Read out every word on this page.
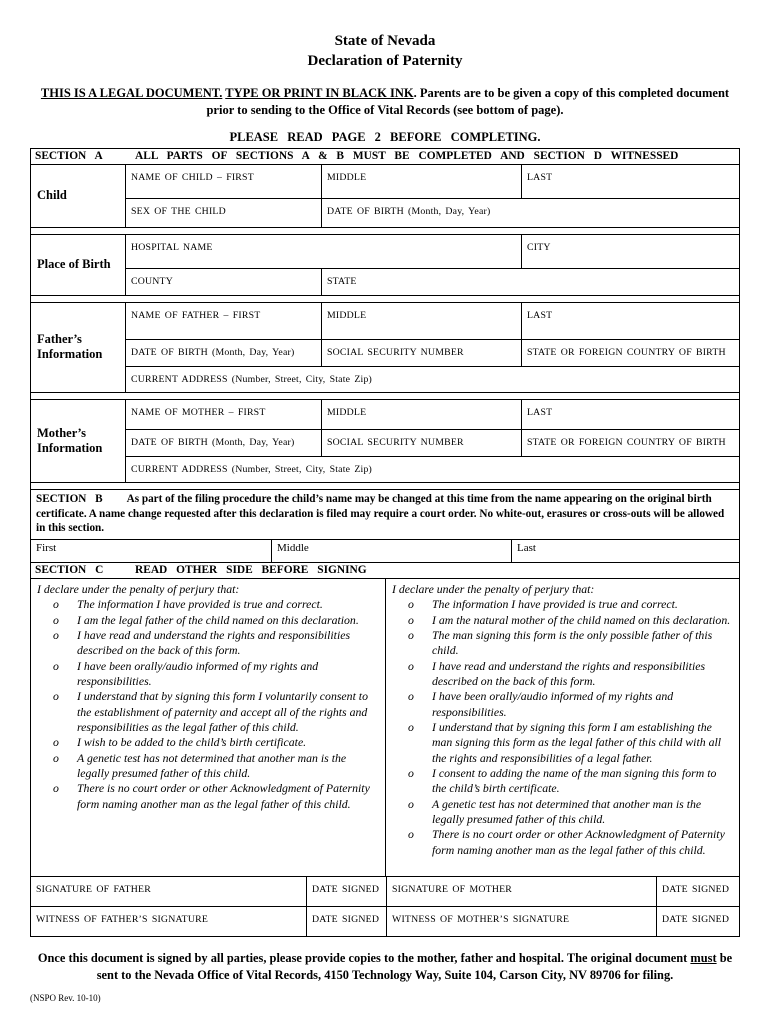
State of Nevada
Declaration of Paternity

THIS IS A LEGAL DOCUMENT. TYPE OR PRINT IN BLACK INK. Parents are to be given a copy of this completed document prior to sending to the Office of Vital Records (see bottom of page).

PLEASE READ PAGE 2 BEFORE COMPLETING.

SECTION A	ALL PARTS OF SECTIONS A & B MUST BE COMPLETED AND SECTION D WITNESSED
Child
NAME OF CHILD – FIRST	MIDDLE	LAST
SEX OF THE CHILD	DATE OF BIRTH (Month, Day, Year)
Place of Birth
HOSPITAL NAME	CITY
COUNTY	STATE
Father’s Information
NAME OF FATHER – FIRST	MIDDLE	LAST
DATE OF BIRTH (Month, Day, Year)	SOCIAL SECURITY NUMBER	STATE OR FOREIGN COUNTRY OF BIRTH
CURRENT ADDRESS (Number, Street, City, State Zip)
Mother’s Information
NAME OF MOTHER – FIRST	MIDDLE	LAST
DATE OF BIRTH (Month, Day, Year)	SOCIAL SECURITY NUMBER	STATE OR FOREIGN COUNTRY OF BIRTH
CURRENT ADDRESS (Number, Street, City, State Zip)
SECTION B As part of the filing procedure the child’s name may be changed at this time from the name appearing on the original birth certificate. A name change requested after this declaration is filed may require a court order. No white-out, erasures or cross-outs will be allowed in this section.
First	Middle	Last
SECTION C	READ OTHER SIDE BEFORE SIGNING
I declare under the penalty of perjury that:
o	The information I have provided is true and correct.
o	I am the legal father of the child named on this declaration.
o	I have read and understand the rights and responsibilities described on the back of this form.
o	I have been orally/audio informed of my rights and responsibilities.
o	I understand that by signing this form I voluntarily consent to the establishment of paternity and accept all of the rights and responsibilities as the legal father of this child.
o	I wish to be added to the child’s birth certificate.
o	A genetic test has not determined that another man is the legally presumed father of this child.
o	There is no court order or other Acknowledgment of Paternity form naming another man as the legal father of this child.
I declare under the penalty of perjury that:
o	The information I have provided is true and correct.
o	I am the natural mother of the child named on this declaration.
o	The man signing this form is the only possible father of this child.
o	I have read and understand the rights and responsibilities described on the back of this form.
o	I have been orally/audio informed of my rights and responsibilities.
o	I understand that by signing this form I am establishing the man signing this form as the legal father of this child with all the rights and responsibilities of a legal father.
o	I consent to adding the name of the man signing this form to the child’s birth certificate.
o	A genetic test has not determined that another man is the legally presumed father of this child.
o	There is no court order or other Acknowledgment of Paternity form naming another man as the legal father of this child.
SIGNATURE OF FATHER	DATE SIGNED	SIGNATURE OF MOTHER	DATE SIGNED
WITNESS OF FATHER’S SIGNATURE	DATE SIGNED	WITNESS OF MOTHER’S SIGNATURE	DATE SIGNED

Once this document is signed by all parties, please provide copies to the mother, father and hospital. The original document must be sent to the Nevada Office of Vital Records, 4150 Technology Way, Suite 104, Carson City, NV 89706 for filing.

(NSPO Rev. 10-10)
